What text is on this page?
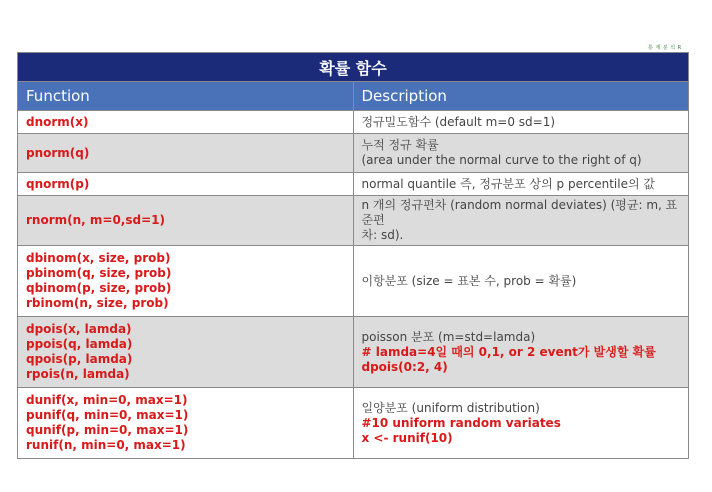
통 계 분 석 R
확률 함수	
Function	Description

dnorm(x)	정규밀도함수 (default m=0 sd=1)

pnorm(q)	누적 정규 확률
(area under the normal curve to the right of q)

qnorm(p)	normal quantile 즉, 정규분포 상의 p percentile의 값

rnorm(n, m=0,sd=1)	n 개의 정규편차 (random normal deviates) (평균: m, 표준편
차: sd).

dbinom(x, size, prob)
pbinom(q, size, prob)
qbinom(p, size, prob)
rbinom(n, size, prob)	이항분포 (size = 표본 수, prob = 확률)

dpois(x, lamda)
ppois(q, lamda)
qpois(p, lamda)
rpois(n, lamda)	poisson 분포 (m=std=lamda)
# lamda=4일 때의 0,1, or 2 event가 발생할 확률
dpois(0:2, 4)

dunif(x, min=0, max=1)
punif(q, min=0, max=1)
qunif(p, min=0, max=1)
runif(n, min=0, max=1)	일양분포 (uniform distribution)
#10 uniform random variates
x <- runif(10)
